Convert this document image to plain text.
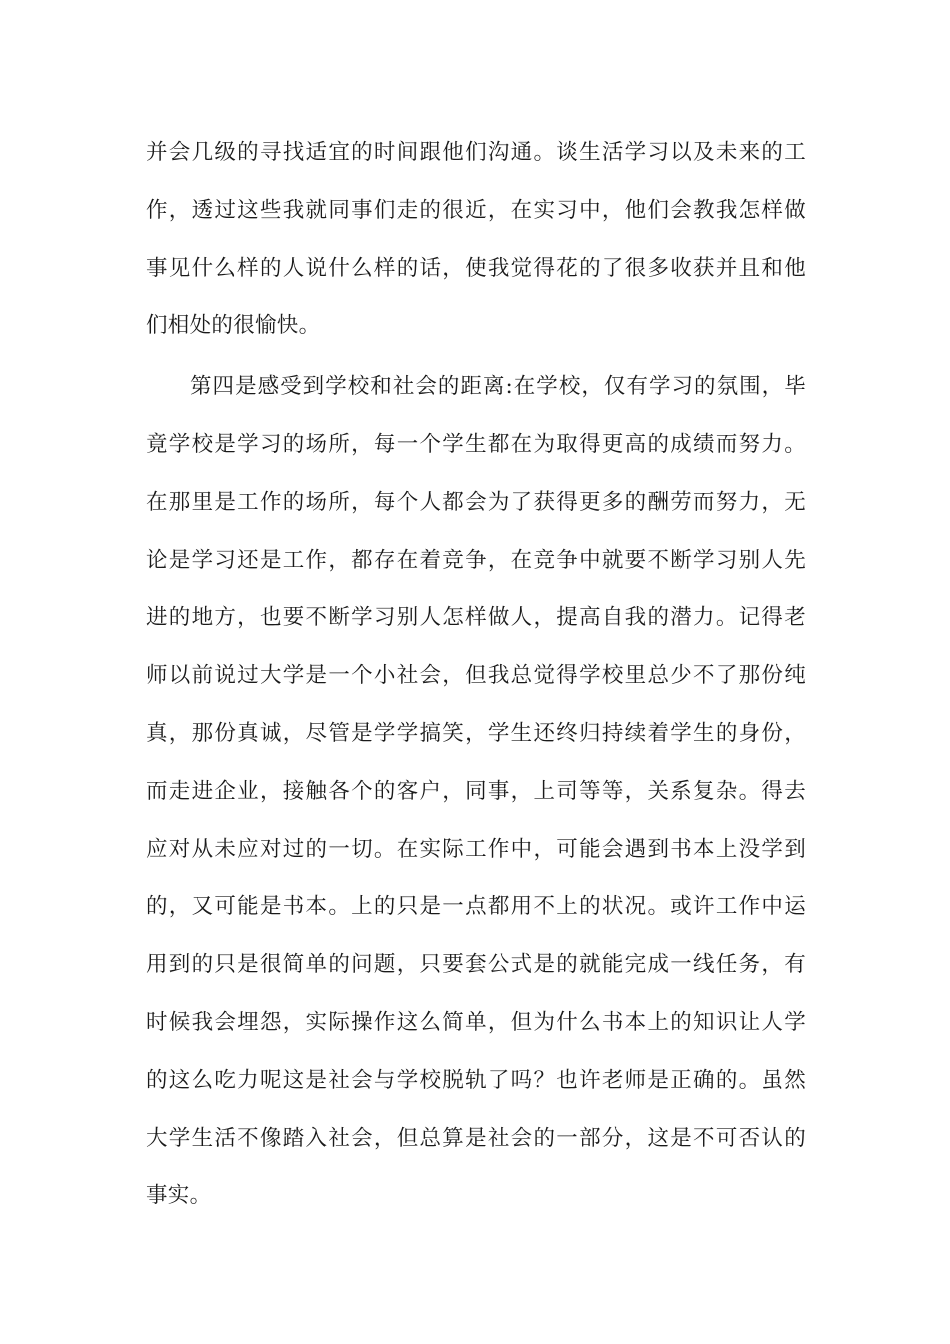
并会几级的寻找适宜的时间跟他们沟通。谈生活学习以及未来的工
作，透过这些我就同事们走的很近，在实习中，他们会教我怎样做
事见什么样的人说什么样的话，使我觉得花的了很多收获并且和他
们相处的很愉快。
第四是感受到学校和社会的距离:在学校，仅有学习的氛围，毕
竟学校是学习的场所，每一个学生都在为取得更高的成绩而努力。
在那里是工作的场所，每个人都会为了获得更多的酬劳而努力，无
论是学习还是工作，都存在着竞争，在竞争中就要不断学习别人先
进的地方，也要不断学习别人怎样做人，提高自我的潜力。记得老
师以前说过大学是一个小社会，但我总觉得学校里总少不了那份纯
真，那份真诚，尽管是学学搞笑，学生还终归持续着学生的身份，
而走进企业，接触各个的客户，同事，上司等等，关系复杂。得去
应对从未应对过的一切。在实际工作中，可能会遇到书本上没学到
的，又可能是书本。上的只是一点都用不上的状况。或许工作中运
用到的只是很简单的问题，只要套公式是的就能完成一线任务，有
时候我会埋怨，实际操作这么简单，但为什么书本上的知识让人学
的这么吃力呢这是社会与学校脱轨了吗？也许老师是正确的。虽然
大学生活不像踏入社会，但总算是社会的一部分，这是不可否认的
事实。
